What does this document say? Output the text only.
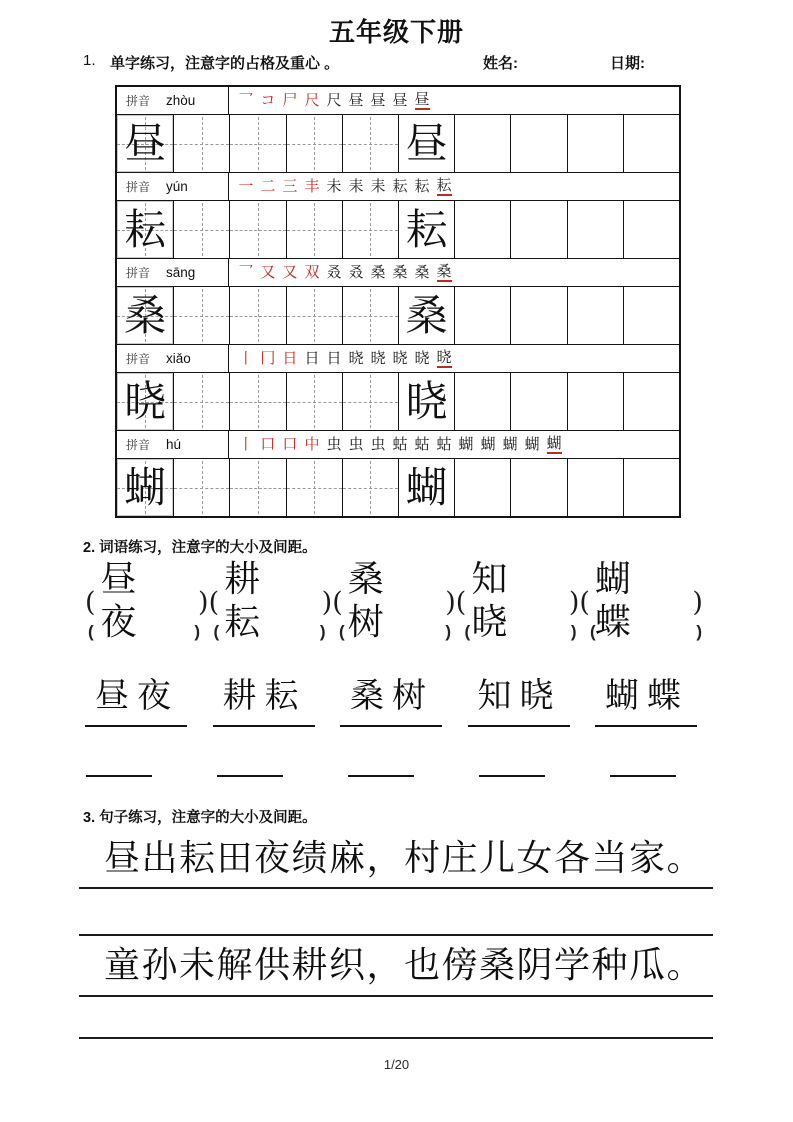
五年级下册
1. 单字练习，注意字的占格及重心 。	姓名:	日期:
拼音 zhòu	乛 コ 尸 尺 尺 昼 昼 昼 昼
昼	昼
拼音 yún	一 二 三 丰 未 耒 耒 耘 耘 耘
耘	耘
拼音 sāng	乛 又 又 双 叒 叒 桑 桑 桑 桑
桑	桑
拼音 xiǎo	丨 冂 日 日 日 晓 晓 晓 晓 晓
晓	晓
拼音 hú	丨 口 口 中 虫 虫 虫 蛄 蛄 蛄 蝴 蝴 蝴 蝴 蝴
蝴	蝴
2. 词语练习，注意字的大小及间距。
(
昼夜	) (
耕耘	) (
桑树	) (
知晓	) (
蝴蝶	)
(	) (	) (	) (	) (	)
昼夜 耕耘 桑树 知晓 蝴蝶
3. 句子练习，注意字的大小及间距。
昼出耘田夜绩麻，村庄儿女各当家。
童孙未解供耕织，也傍桑阴学种瓜。
1/20
